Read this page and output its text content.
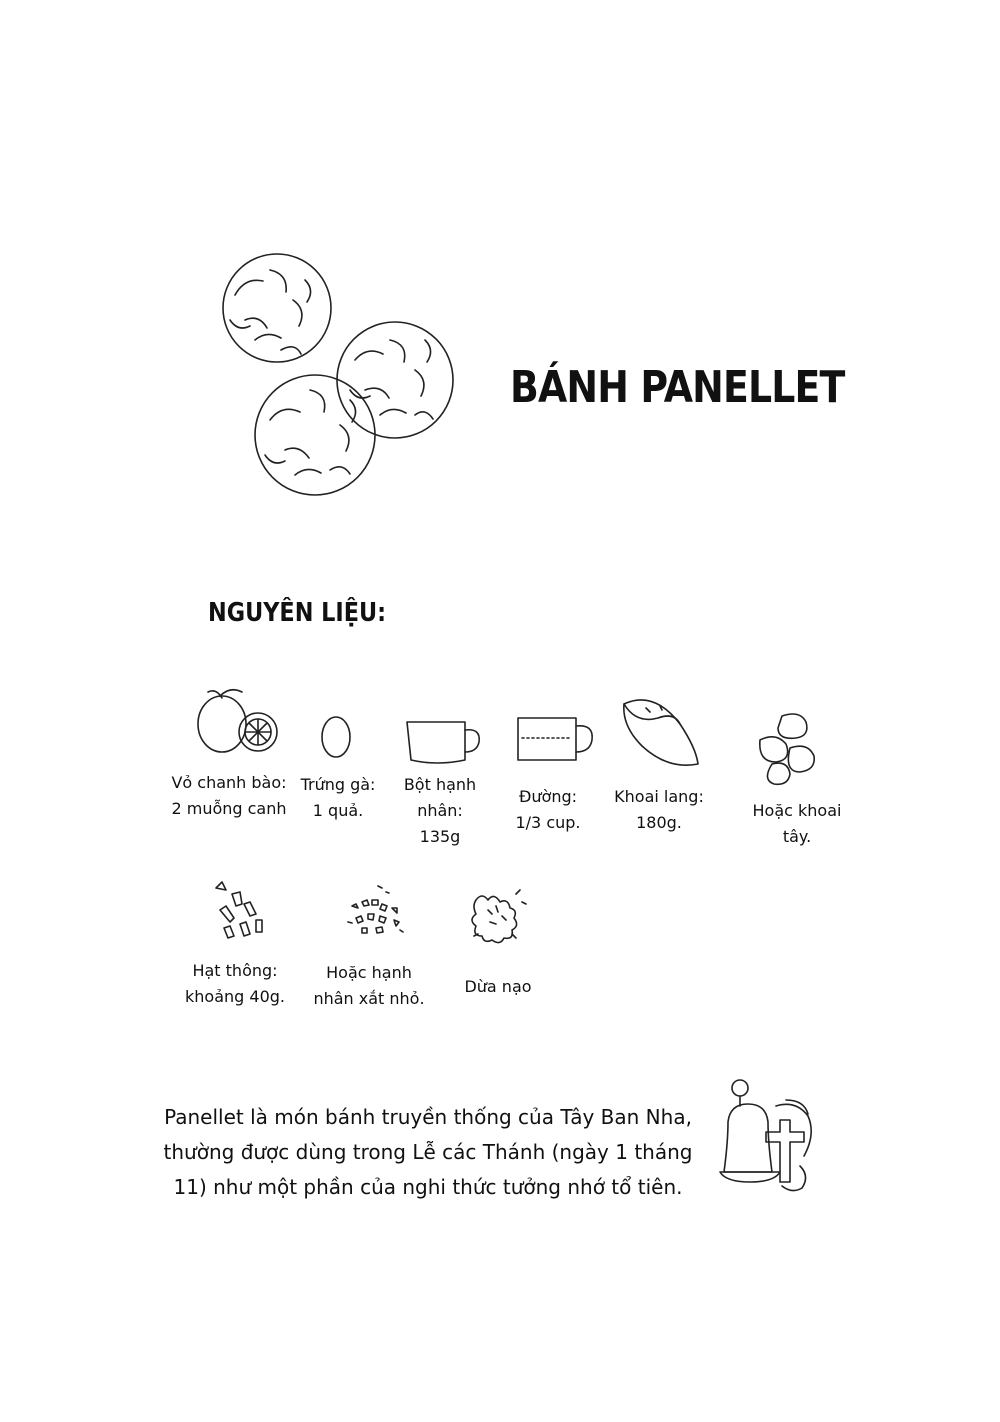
BÁNH PANELLET
NGUYÊN LIỆU:
Vỏ chanh bào:
2 muỗng canh
Trứng gà:
1 quả.
Bột hạnh
nhân:
135g
Đường:
1/3 cup.
Khoai lang:
180g.
Hoặc khoai
tây.
Hạt thông:
khoảng 40g.
Hoặc hạnh
nhân xắt nhỏ.
Dừa nạo
Panellet là món bánh truyền thống của Tây Ban Nha,
thường được dùng trong Lễ các Thánh (ngày 1 tháng
11) như một phần của nghi thức tưởng nhớ tổ tiên.
